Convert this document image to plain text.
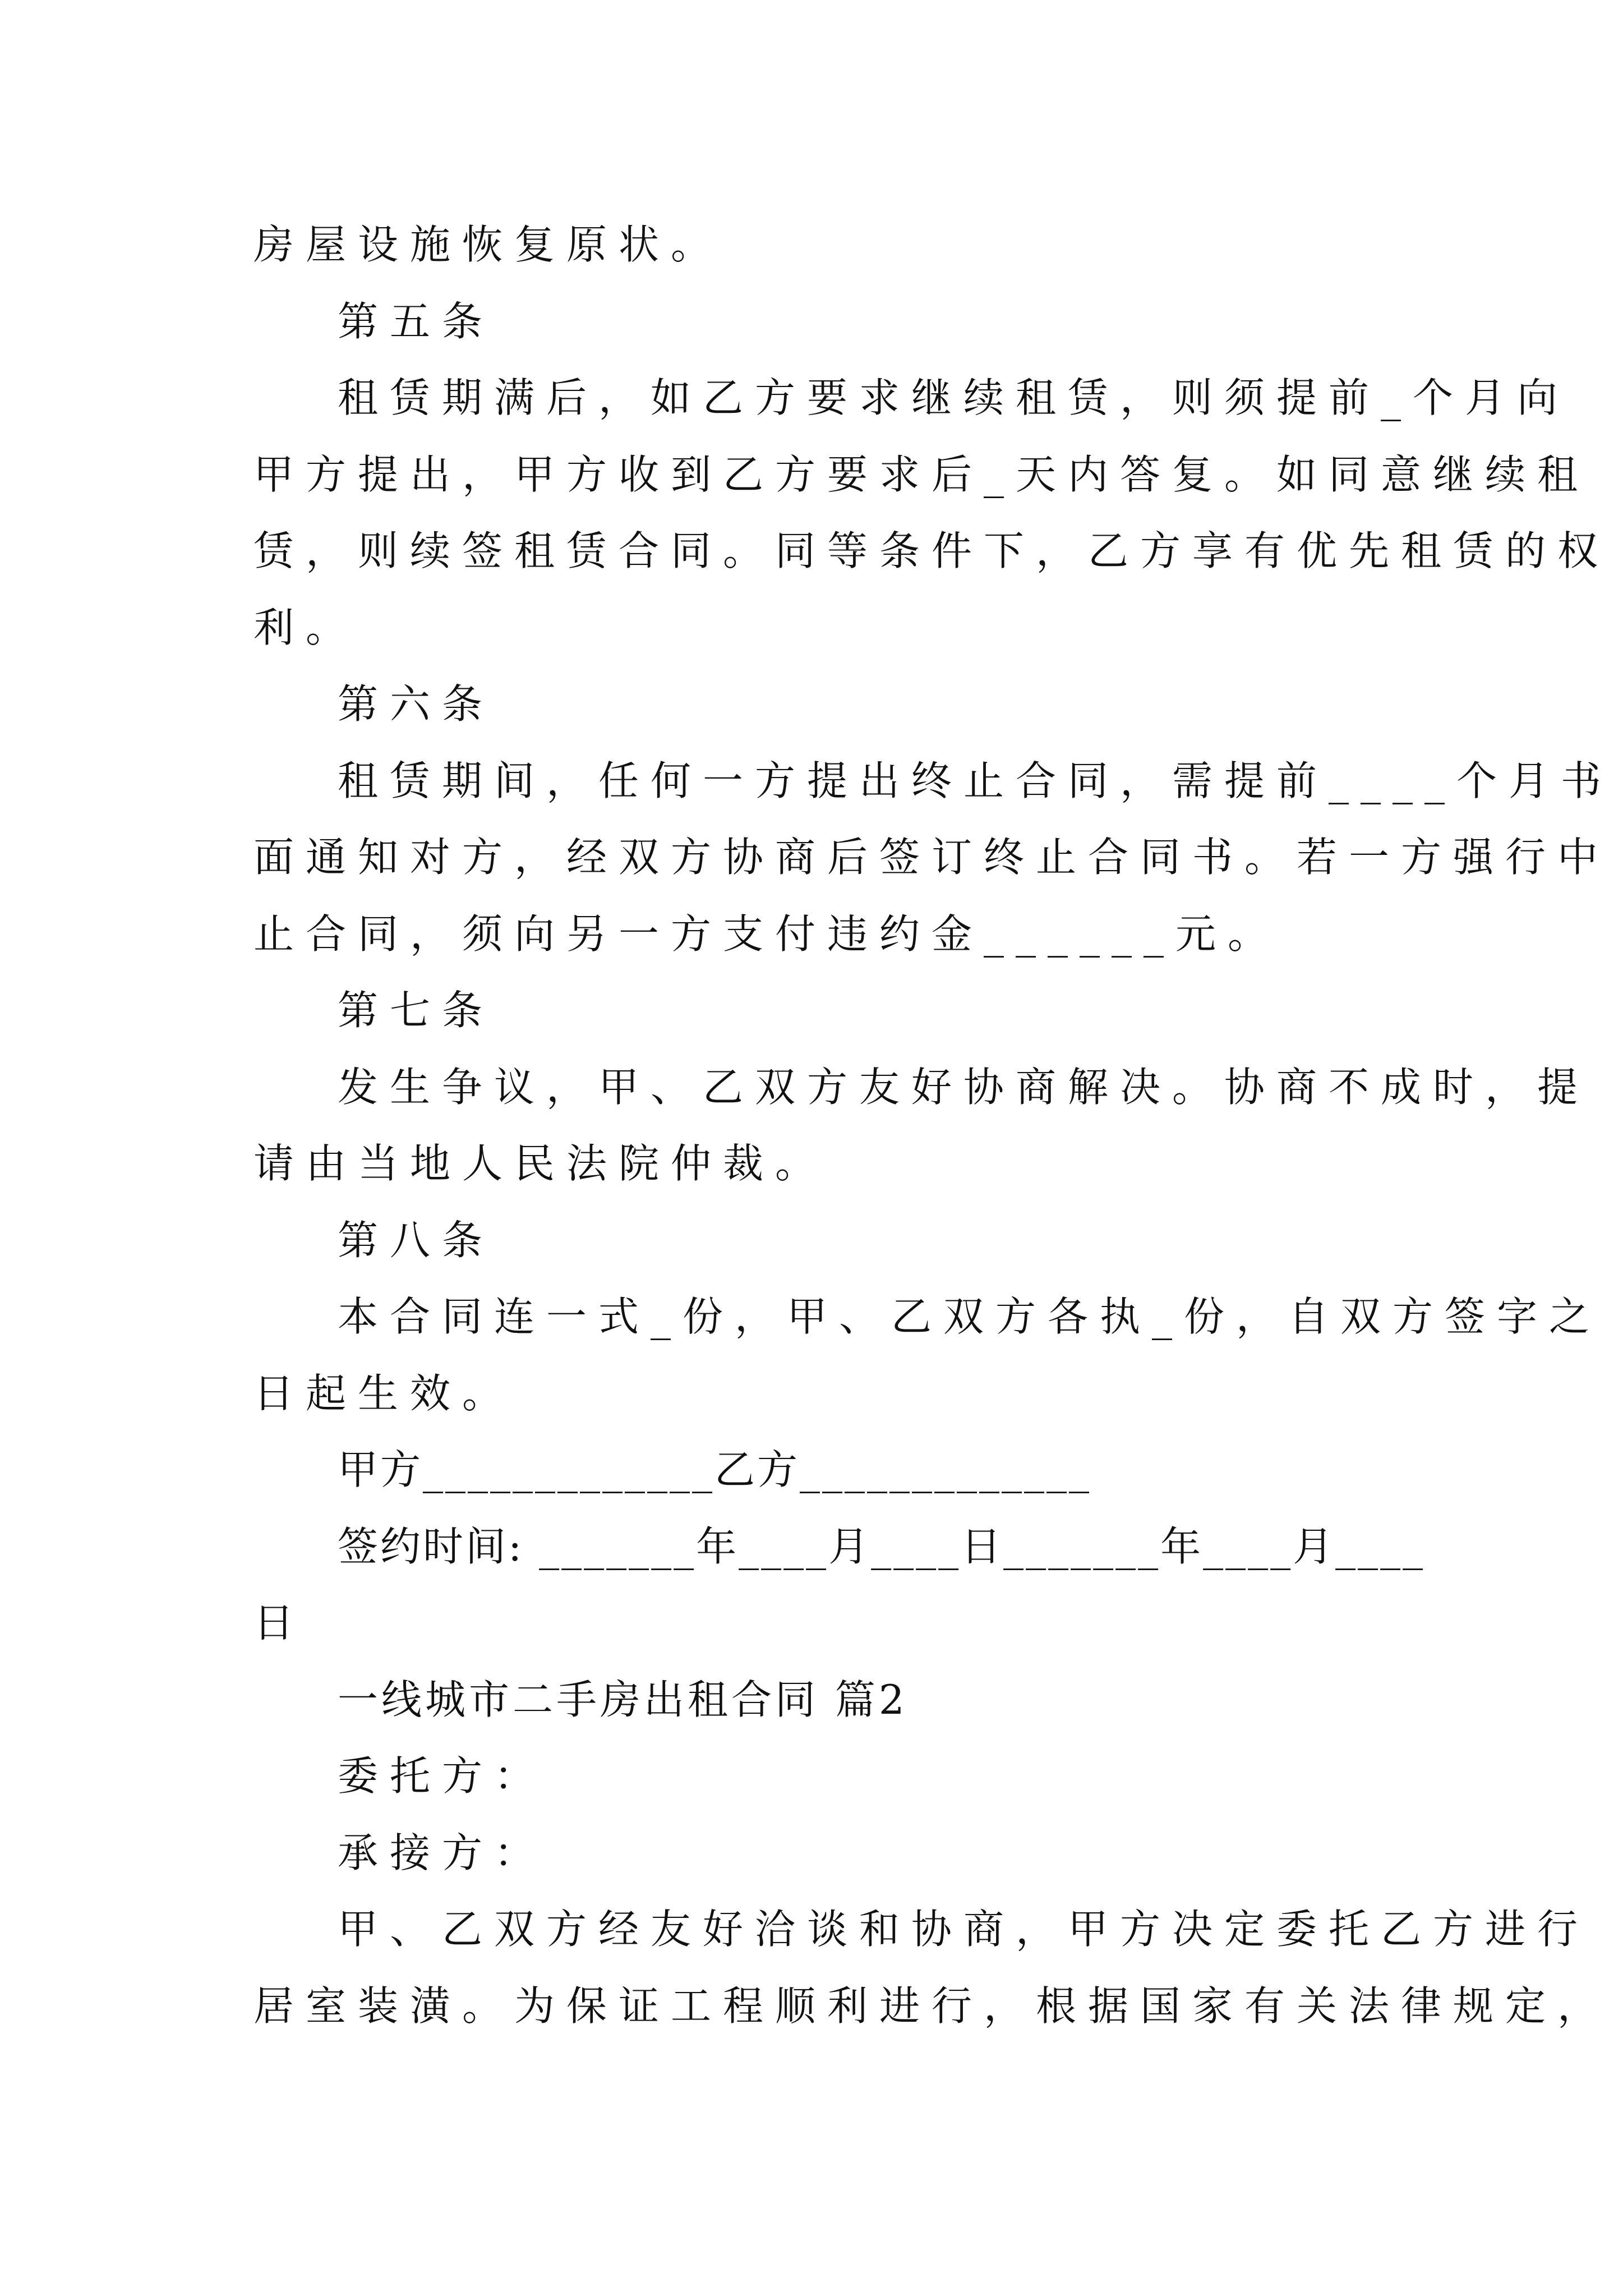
房屋设施恢复原状。
第五条
租赁期满后，如乙方要求继续租赁，则须提前_个月向
甲方提出，甲方收到乙方要求后_天内答复。如同意继续租
赁，则续签租赁合同。同等条件下，乙方享有优先租赁的权
利。
第六条
租赁期间，任何一方提出终止合同，需提前____个月书
面通知对方，经双方协商后签订终止合同书。若一方强行中
止合同，须向另一方支付违约金______元。
第七条
发生争议，甲、乙双方友好协商解决。协商不成时，提
请由当地人民法院仲裁。
第八条
本合同连一式_份，甲、乙双方各执_份，自双方签字之
日起生效。
甲方_____________乙方_____________
签约时间: _______年____月____日_______年____月____
日
一线城市二手房出租合同 篇2
委托方：
承接方：
甲、乙双方经友好洽谈和协商，甲方决定委托乙方进行
居室装潢。为保证工程顺利进行，根据国家有关法律规定，
